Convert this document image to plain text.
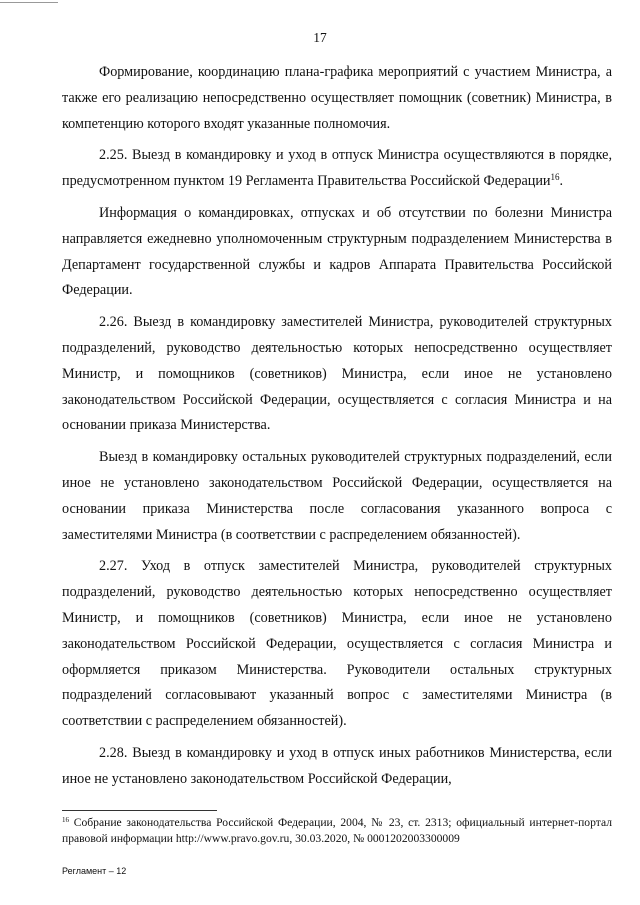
17

Формирование, координацию плана-графика мероприятий с участием Министра, а также его реализацию непосредственно осуществляет помощник (советник) Министра, в компетенцию которого входят указанные полномочия.

2.25. Выезд в командировку и уход в отпуск Министра осуществляются в порядке, предусмотренном пунктом 19 Регламента Правительства Российской Федерации$^{16}$.

Информация о командировках, отпусках и об отсутствии по болезни Министра направляется ежедневно уполномоченным структурным подразделением Министерства в Департамент государственной службы и кадров Аппарата Правительства Российской Федерации.

2.26. Выезд в командировку заместителей Министра, руководителей структурных подразделений, руководство деятельностью которых непосредственно осуществляет Министр, и помощников (советников) Министра, если иное не установлено законодательством Российской Федерации, осуществляется с согласия Министра и на основании приказа Министерства.

Выезд в командировку остальных руководителей структурных подразделений, если иное не установлено законодательством Российской Федерации, осуществляется на основании приказа Министерства после согласования указанного вопроса с заместителями Министра (в соответствии с распределением обязанностей).

2.27. Уход в отпуск заместителей Министра, руководителей структурных подразделений, руководство деятельностью которых непосредственно осуществляет Министр, и помощников (советников) Министра, если иное не установлено законодательством Российской Федерации, осуществляется с согласия Министра и оформляется приказом Министерства. Руководители остальных структурных подразделений согласовывают указанный вопрос с заместителями Министра (в соответствии с распределением обязанностей).

2.28. Выезд в командировку и уход в отпуск иных работников Министерства, если иное не установлено законодательством Российской Федерации,

$^{16}$ Собрание законодательства Российской Федерации, 2004, № 23, ст. 2313; официальный интернет-портал правовой информации http://www.pravo.gov.ru, 30.03.2020, № 0001202003300009
Регламент – 12
